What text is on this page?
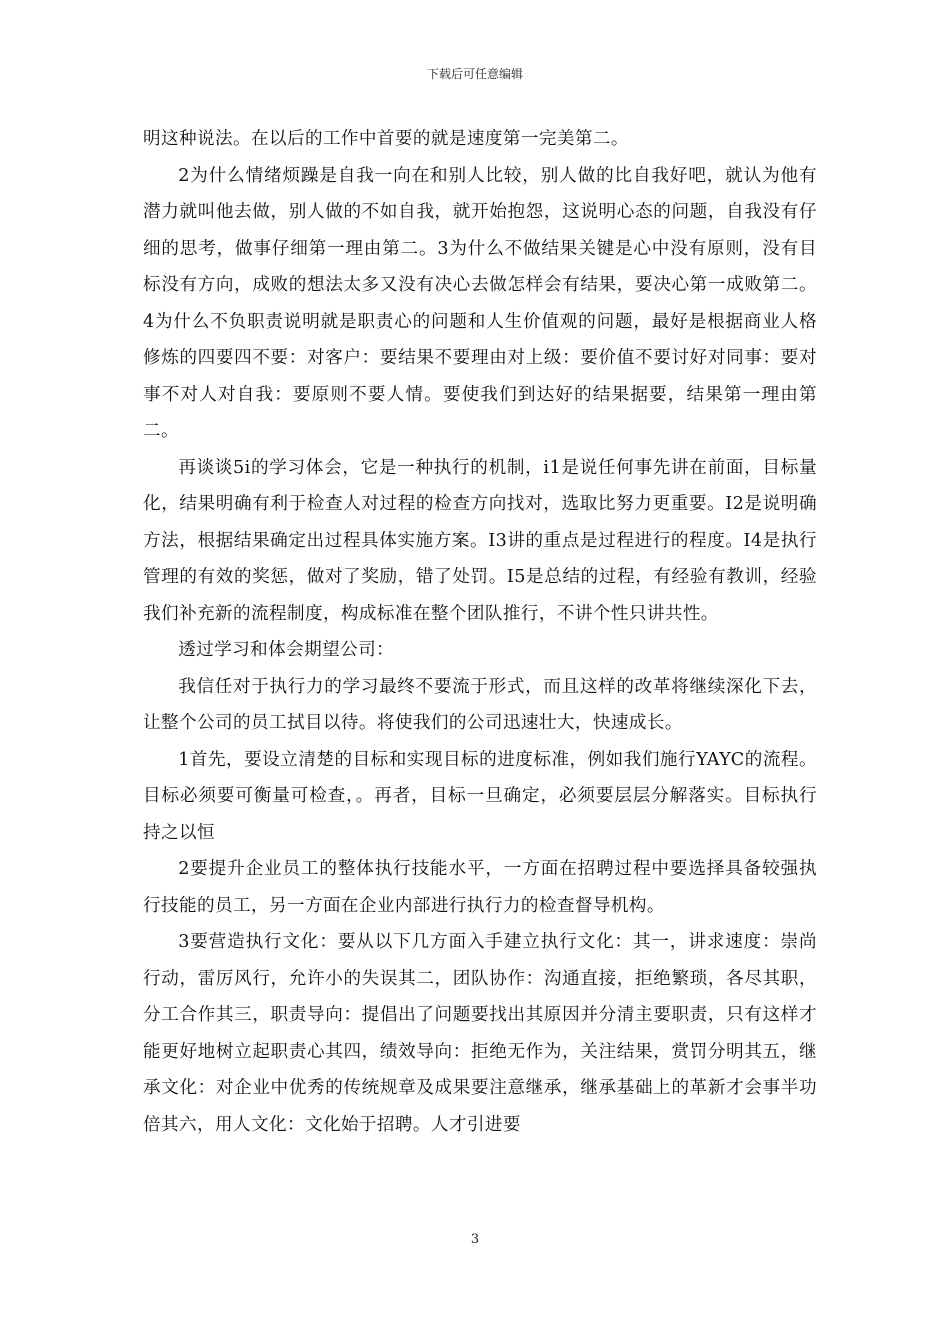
下载后可任意编辑

明这种说法。在以后的工作中首要的就是速度第一完美第二。

2为什么情绪烦躁是自我一向在和别人比较，别人做的比自我好吧，就认为他有潜力就叫他去做，别人做的不如自我，就开始抱怨，这说明心态的问题，自我没有仔细的思考，做事仔细第一理由第二。3为什么不做结果关键是心中没有原则，没有目标没有方向，成败的想法太多又没有决心去做怎样会有结果，要决心第一成败第二。4为什么不负职责说明就是职责心的问题和人生价值观的问题，最好是根据商业人格修炼的四要四不要：对客户：要结果不要理由对上级：要价值不要讨好对同事：要对事不对人对自我：要原则不要人情。要使我们到达好的结果据要，结果第一理由第二。

再谈谈5i的学习体会，它是一种执行的机制，i1是说任何事先讲在前面，目标量化，结果明确有利于检查人对过程的检查方向找对，选取比努力更重要。I2是说明确方法，根据结果确定出过程具体实施方案。I3讲的重点是过程进行的程度。I4是执行管理的有效的奖惩，做对了奖励，错了处罚。I5是总结的过程，有经验有教训，经验我们补充新的流程制度，构成标准在整个团队推行，不讲个性只讲共性。

透过学习和体会期望公司：

我信任对于执行力的学习最终不要流于形式，而且这样的改革将继续深化下去，让整个公司的员工拭目以待。将使我们的公司迅速壮大，快速成长。

1首先，要设立清楚的目标和实现目标的进度标准，例如我们施行YAYC的流程。目标必须要可衡量可检查，。再者，目标一旦确定，必须要层层分解落实。目标执行持之以恒

2要提升企业员工的整体执行技能水平，一方面在招聘过程中要选择具备较强执行技能的员工，另一方面在企业内部进行执行力的检查督导机构。

3要营造执行文化：要从以下几方面入手建立执行文化：其一，讲求速度：崇尚行动，雷厉风行，允许小的失误其二，团队协作：沟通直接，拒绝繁琐，各尽其职，分工合作其三，职责导向：提倡出了问题要找出其原因并分清主要职责，只有这样才能更好地树立起职责心其四，绩效导向：拒绝无作为，关注结果，赏罚分明其五，继承文化：对企业中优秀的传统规章及成果要注意继承，继承基础上的革新才会事半功倍其六，用人文化：文化始于招聘。人才引进要

3
